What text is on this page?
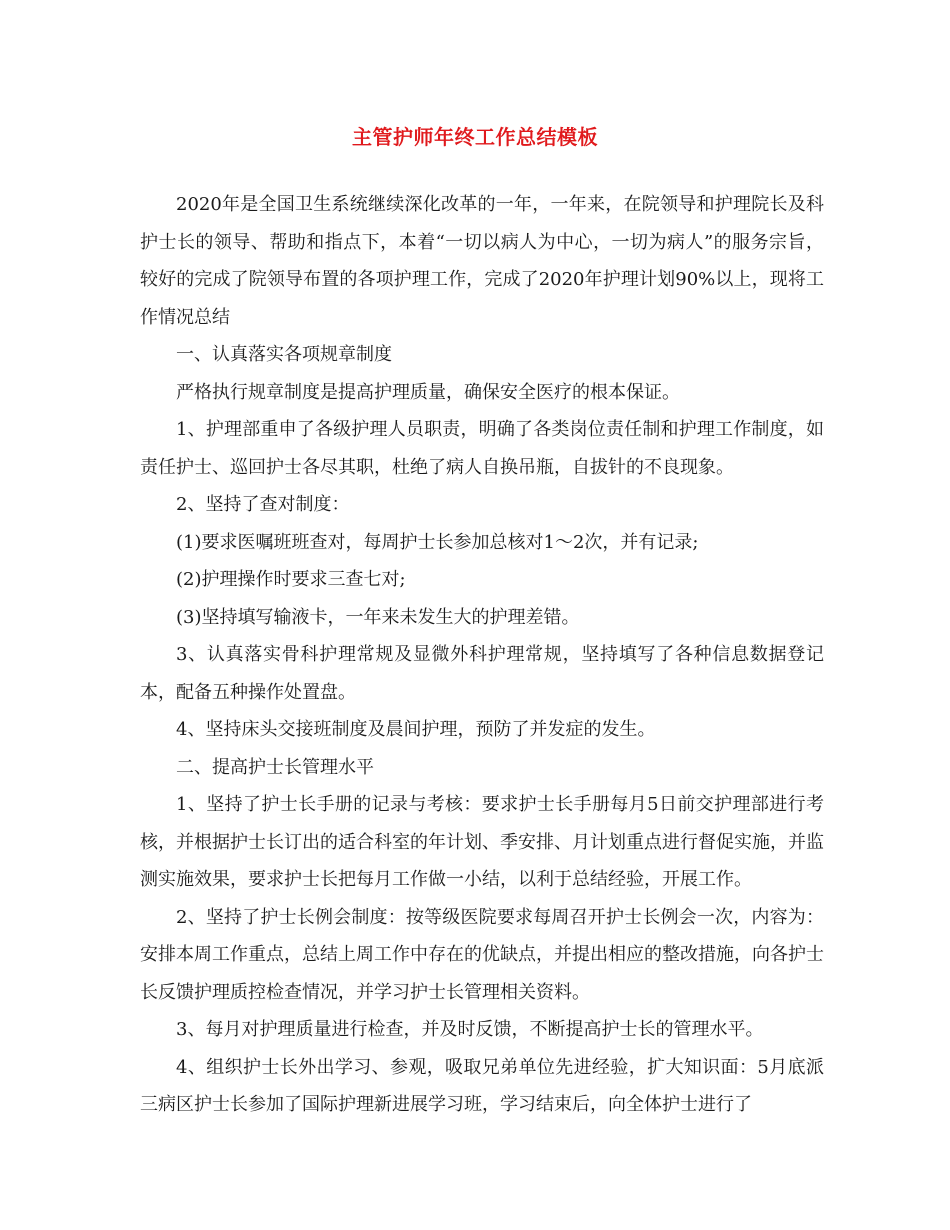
主管护师年终工作总结模板

2020年是全国卫生系统继续深化改革的一年，一年来，在院领导和护理院长及科护士长的领导、帮助和指点下，本着“一切以病人为中心，一切为病人”的服务宗旨，较好的完成了院领导布置的各项护理工作，完成了2020年护理计划90%以上，现将工作情况总结

一、认真落实各项规章制度

严格执行规章制度是提高护理质量，确保安全医疗的根本保证。

1、护理部重申了各级护理人员职责，明确了各类岗位责任制和护理工作制度，如责任护士、巡回护士各尽其职，杜绝了病人自换吊瓶，自拔针的不良现象。

2、坚持了查对制度：

(1)要求医嘱班班查对，每周护士长参加总核对1～2次，并有记录;

(2)护理操作时要求三查七对;

(3)坚持填写输液卡，一年来未发生大的护理差错。

3、认真落实骨科护理常规及显微外科护理常规，坚持填写了各种信息数据登记本，配备五种操作处置盘。

4、坚持床头交接班制度及晨间护理，预防了并发症的发生。

二、提高护士长管理水平

1、坚持了护士长手册的记录与考核：要求护士长手册每月5日前交护理部进行考核，并根据护士长订出的适合科室的年计划、季安排、月计划重点进行督促实施，并监测实施效果，要求护士长把每月工作做一小结，以利于总结经验，开展工作。

2、坚持了护士长例会制度：按等级医院要求每周召开护士长例会一次，内容为：安排本周工作重点，总结上周工作中存在的优缺点，并提出相应的整改措施，向各护士长反馈护理质控检查情况，并学习护士长管理相关资料。

3、每月对护理质量进行检查，并及时反馈，不断提高护士长的管理水平。

4、组织护士长外出学习、参观，吸取兄弟单位先进经验，扩大知识面：5月底派三病区护士长参加了国际护理新进展学习班，学习结束后，向全体护士进行了
